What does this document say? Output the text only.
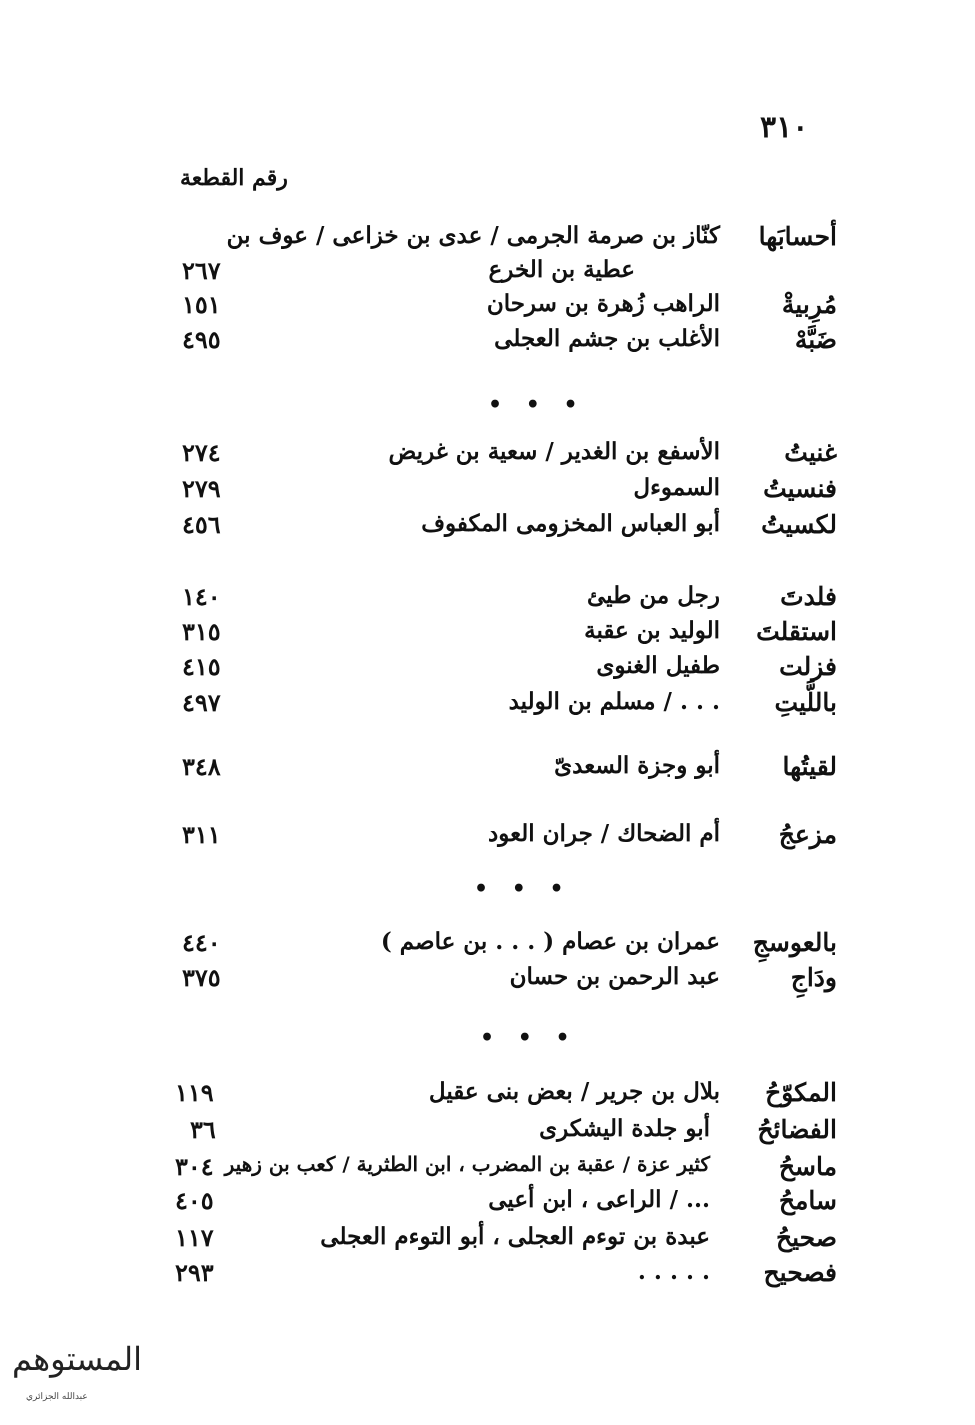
٣١٠
رقم القطعة
أحسابَها
كنّاز بن صرمة الجرمى / عدى بن خزاعى / عوف بن
عطية بن الخرع
٢٦٧
مُرِبيةْ
الراهب زُهرة بن سرحان
١٥١
ضَبَّهْ
الأغلب بن جشم العجلى
٤٩٥
• • •
غنيتُ
الأسفع بن الغدير / سعية بن غريض
٢٧٤
فنسيتُ
السموءل
٢٧٩
لكسيتُ
أبو العباس المخزومى المكفوف
٤٥٦
فلدتَ
رجل من طيئ
١٤٠
استقلتَ
الوليد بن عقبة
٣١٥
فزلت
طفيل الغنوى
٤١٥
باللَّيتِ
. . . / مسلم بن الوليد
٤٩٧
لقيتُها
أبو وجزة السعدىّ
٣٤٨
مزعجُ
أم الضحاك / جران العود
٣١١
• • •
بالعوسجِ
عمران بن عصام ( . . . بن عاصم )
٤٤٠
ودَاجِ
عبد الرحمن بن حسان
٣٧٥
• • •
المكوّحُ
بلال بن جرير / بعض بنى عقيل
١١٩
الفضائحُ
أبو جلدة اليشكرى
٣٦
ماسحُ
كثير عزة / عقبة بن المضرب ، ابن الطثرية / كعب بن زهير
٣٠٤
سامحُ
... / الراعى ، ابن أعيى
٤٠٥
صحيحُ
عبدة بن توءم العجلى ، أبو التوءم العجلى
١١٧
فصحيح
. . . . .
٢٩٣
المستوهم
عبدالله الجزائري
